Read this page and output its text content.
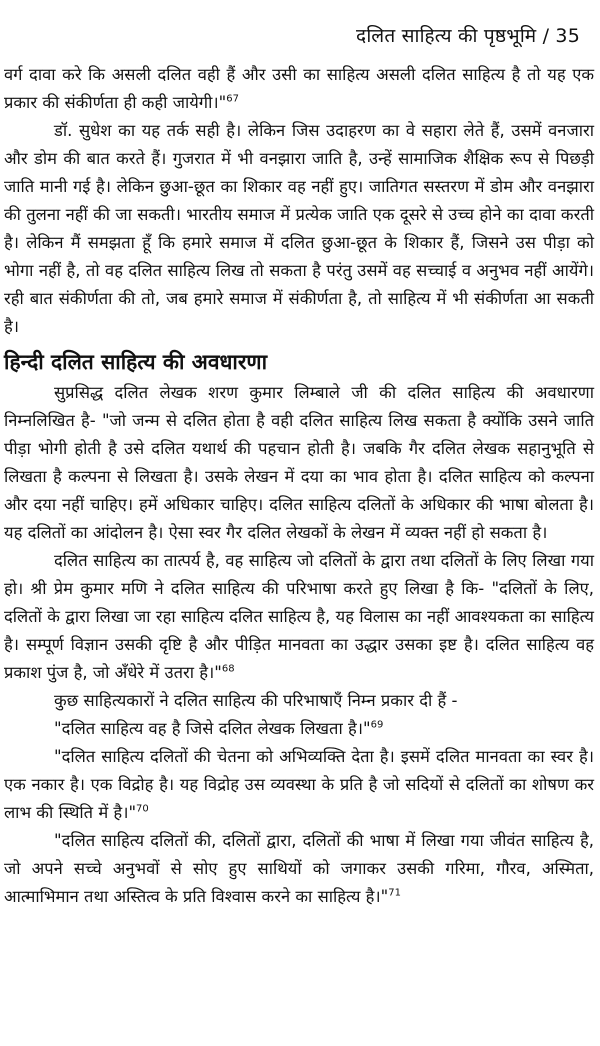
दलित साहित्य की पृष्ठभूमि / 35

वर्ग दावा करे कि असली दलित वही हैं और उसी का साहित्य असली दलित साहित्य है तो यह एक प्रकार की संकीर्णता ही कही जायेगी।"$^{67}$

डॉ. सुधेश का यह तर्क सही है। लेकिन जिस उदाहरण का वे सहारा लेते हैं, उसमें वनजारा और डोम की बात करते हैं। गुजरात में भी वनझारा जाति है, उन्हें सामाजिक शैक्षिक रूप से पिछड़ी जाति मानी गई है। लेकिन छुआ-छूत का शिकार वह नहीं हुए। जातिगत सस्तरण में डोम और वनझारा की तुलना नहीं की जा सकती। भारतीय समाज में प्रत्येक जाति एक दूसरे से उच्च होने का दावा करती है। लेकिन मैं समझता हूँ कि हमारे समाज में दलित छुआ-छूत के शिकार हैं, जिसने उस पीड़ा को भोगा नहीं है, तो वह दलित साहित्य लिख तो सकता है परंतु उसमें वह सच्चाई व अनुभव नहीं आयेंगे। रही बात संकीर्णता की तो, जब हमारे समाज में संकीर्णता है, तो साहित्य में भी संकीर्णता आ सकती है।

हिन्दी दलित साहित्य की अवधारणा

सुप्रसिद्ध दलित लेखक शरण कुमार लिम्बाले जी की दलित साहित्य की अवधारणा निम्नलिखित है- "जो जन्म से दलित होता है वही दलित साहित्य लिख सकता है क्योंकि उसने जाति पीड़ा भोगी होती है उसे दलित यथार्थ की पहचान होती है। जबकि गैर दलित लेखक सहानुभूति से लिखता है कल्पना से लिखता है। उसके लेखन में दया का भाव होता है। दलित साहित्य को कल्पना और दया नहीं चाहिए। हमें अधिकार चाहिए। दलित साहित्य दलितों के अधिकार की भाषा बोलता है। यह दलितों का आंदोलन है। ऐसा स्वर गैर दलित लेखकों के लेखन में व्यक्त नहीं हो सकता है।

दलित साहित्य का तात्पर्य है, वह साहित्य जो दलितों के द्वारा तथा दलितों के लिए लिखा गया हो। श्री प्रेम कुमार मणि ने दलित साहित्य की परिभाषा करते हुए लिखा है कि- "दलितों के लिए, दलितों के द्वारा लिखा जा रहा साहित्य दलित साहित्य है, यह विलास का नहीं आवश्यकता का साहित्य है। सम्पूर्ण विज्ञान उसकी दृष्टि है और पीड़ित मानवता का उद्धार उसका इष्ट है। दलित साहित्य वह प्रकाश पुंज है, जो अँधेरे में उतरा है।"$^{68}$

कुछ साहित्यकारों ने दलित साहित्य की परिभाषाएँ निम्न प्रकार दी हैं -

"दलित साहित्य वह है जिसे दलित लेखक लिखता है।"$^{69}$

"दलित साहित्य दलितों की चेतना को अभिव्यक्ति देता है। इसमें दलित मानवता का स्वर है। एक नकार है। एक विद्रोह है। यह विद्रोह उस व्यवस्था के प्रति है जो सदियों से दलितों का शोषण कर लाभ की स्थिति में है।"$^{70}$

"दलित साहित्य दलितों की, दलितों द्वारा, दलितों की भाषा में लिखा गया जीवंत साहित्य है, जो अपने सच्चे अनुभवों से सोए हुए साथियों को जगाकर उसकी गरिमा, गौरव, अस्मिता, आत्माभिमान तथा अस्तित्व के प्रति विश्वास करने का साहित्य है।"$^{71}$
